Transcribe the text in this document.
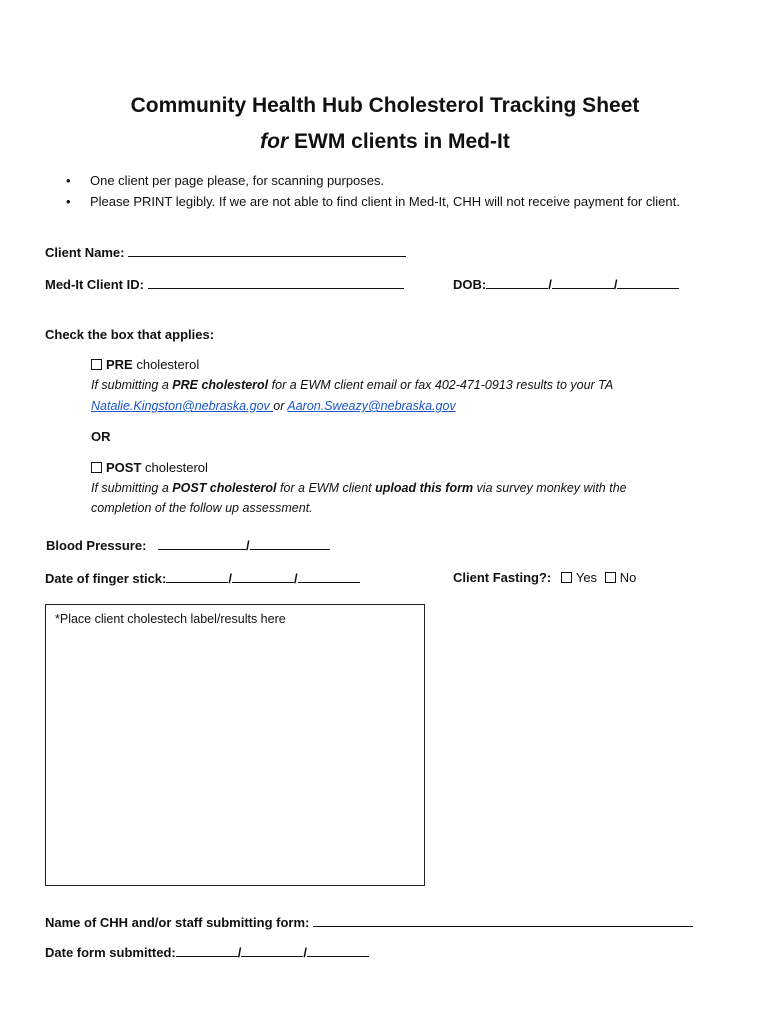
Community Health Hub Cholesterol Tracking Sheet
for EWM clients in Med-It
• One client per page please, for scanning purposes.
• Please PRINT legibly. If we are not able to find client in Med-It, CHH will not receive payment for client.
Client Name:
Med-It Client ID:	DOB:	/	/
Check the box that applies:
PRE cholesterol
If submitting a PRE cholesterol for a EWM client email or fax 402-471-0913 results to your TA
Natalie.Kingston@nebraska.gov or Aaron.Sweazy@nebraska.gov
OR
POST cholesterol
If submitting a POST cholesterol for a EWM client upload this form via survey monkey with the
completion of the follow up assessment.
Blood Pressure:	/
Date of finger stick:	/	/	Client Fasting?: Yes No
*Place client cholestech label/results here
Name of CHH and/or staff submitting form:
Date form submitted:	/	/
